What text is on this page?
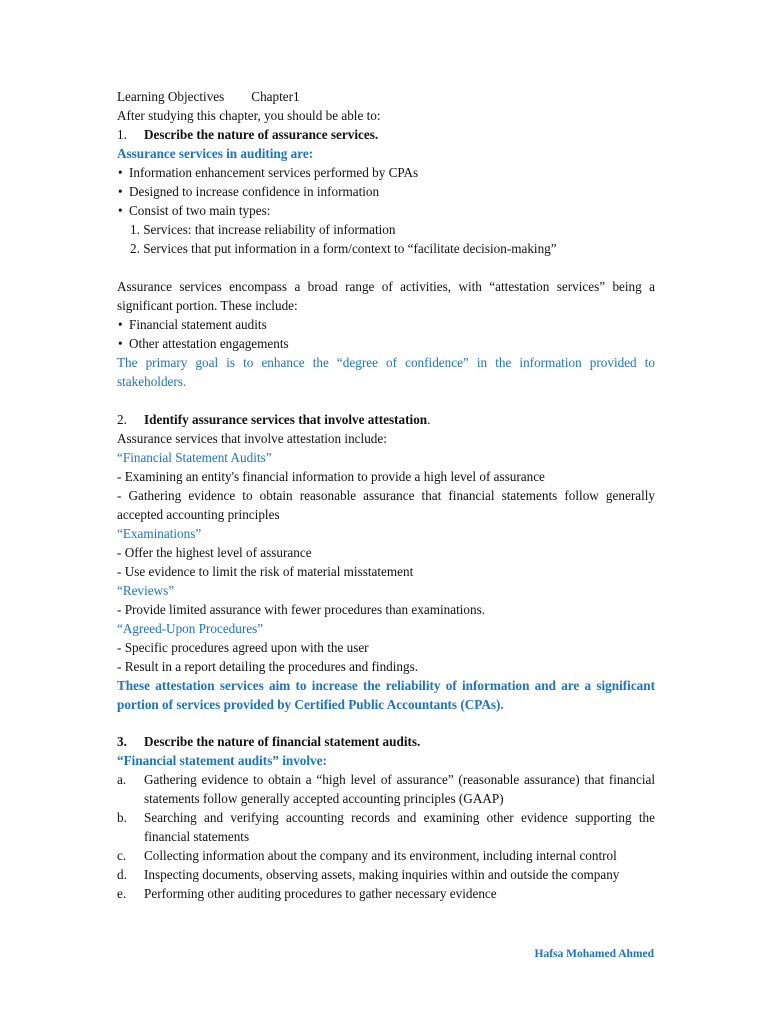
Learning Objectives Chapter1
After studying this chapter, you should be able to:
1. Describe the nature of assurance services.
Assurance services in auditing are:
• Information enhancement services performed by CPAs
• Designed to increase confidence in information
• Consist of two main types:
1. Services: that increase reliability of information
2. Services that put information in a form/context to “facilitate decision-making”
Assurance services encompass a broad range of activities, with “attestation services” being a
significant portion. These include:
• Financial statement audits
• Other attestation engagements
The primary goal is to enhance the “degree of confidence” in the information provided to
stakeholders.
2. Identify assurance services that involve attestation.
Assurance services that involve attestation include:
“Financial Statement Audits”
- Examining an entity's financial information to provide a high level of assurance
- Gathering evidence to obtain reasonable assurance that financial statements follow generally
accepted accounting principles
“Examinations”
- Offer the highest level of assurance
- Use evidence to limit the risk of material misstatement
“Reviews”
- Provide limited assurance with fewer procedures than examinations.
“Agreed-Upon Procedures”
- Specific procedures agreed upon with the user
- Result in a report detailing the procedures and findings.
These attestation services aim to increase the reliability of information and are a significant
portion of services provided by Certified Public Accountants (CPAs).
3. Describe the nature of financial statement audits.
“Financial statement audits” involve:
a.	Gathering evidence to obtain a “high level of assurance” (reasonable assurance) that financial statements follow generally accepted accounting principles (GAAP)
b.	Searching and verifying accounting records and examining other evidence supporting the financial statements
c.	Collecting information about the company and its environment, including internal control
d.	Inspecting documents, observing assets, making inquiries within and outside the company
e.	Performing other auditing procedures to gather necessary evidence
Hafsa Mohamed Ahmed
